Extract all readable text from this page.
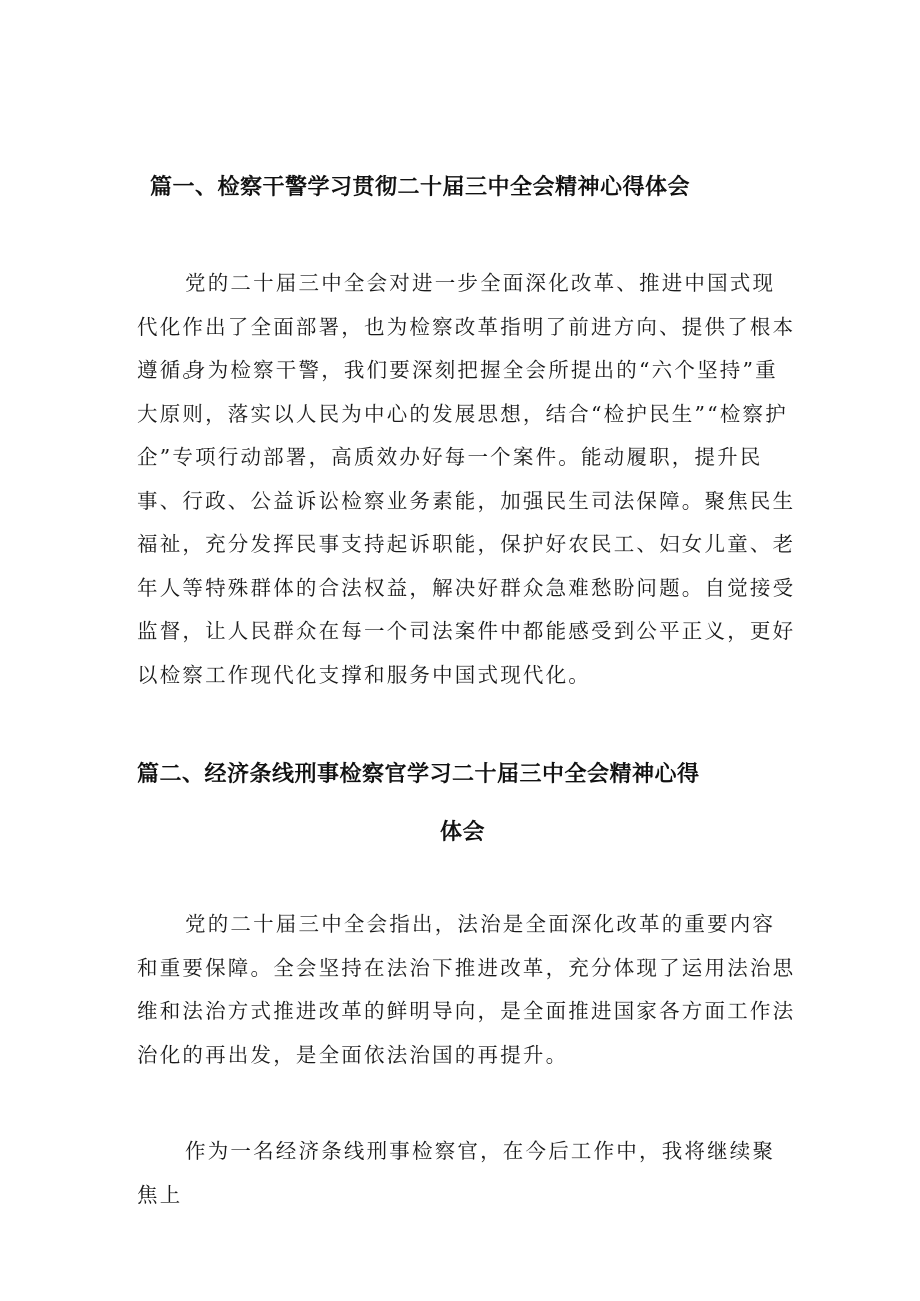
篇一、检察干警学习贯彻二十届三中全会精神心得体会

党的二十届三中全会对进一步全面深化改革、推进中国式现代化作出了全面部署，也为检察改革指明了前进方向、提供了根本遵循。

身为检察干警，我们要深刻把握全会所提出的“六个坚持”重大原则，落实以人民为中心的发展思想，结合“检护民生”“检察护企”专项行动部署，高质效办好每一个案件。能动履职，提升民事、行政、公益诉讼检察业务素能，加强民生司法保障。聚焦民生福祉，充分发挥民事支持起诉职能，保护好农民工、妇女儿童、老年人等特殊群体的合法权益，解决好群众急难愁盼问题。自觉接受监督，让人民群众在每一个司法案件中都能感受到公平正义，更好以检察工作现代化支撑和服务中国式现代化。

篇二、经济条线刑事检察官学习二十届三中全会精神心得
体会

党的二十届三中全会指出，法治是全面深化改革的重要内容和重要保障。全会坚持在法治下推进改革，充分体现了运用法治思维和法治方式推进改革的鲜明导向，是全面推进国家各方面工作法治化的再出发，是全面依法治国的再提升。

作为一名经济条线刑事检察官，在今后工作中，我将继续聚焦上
